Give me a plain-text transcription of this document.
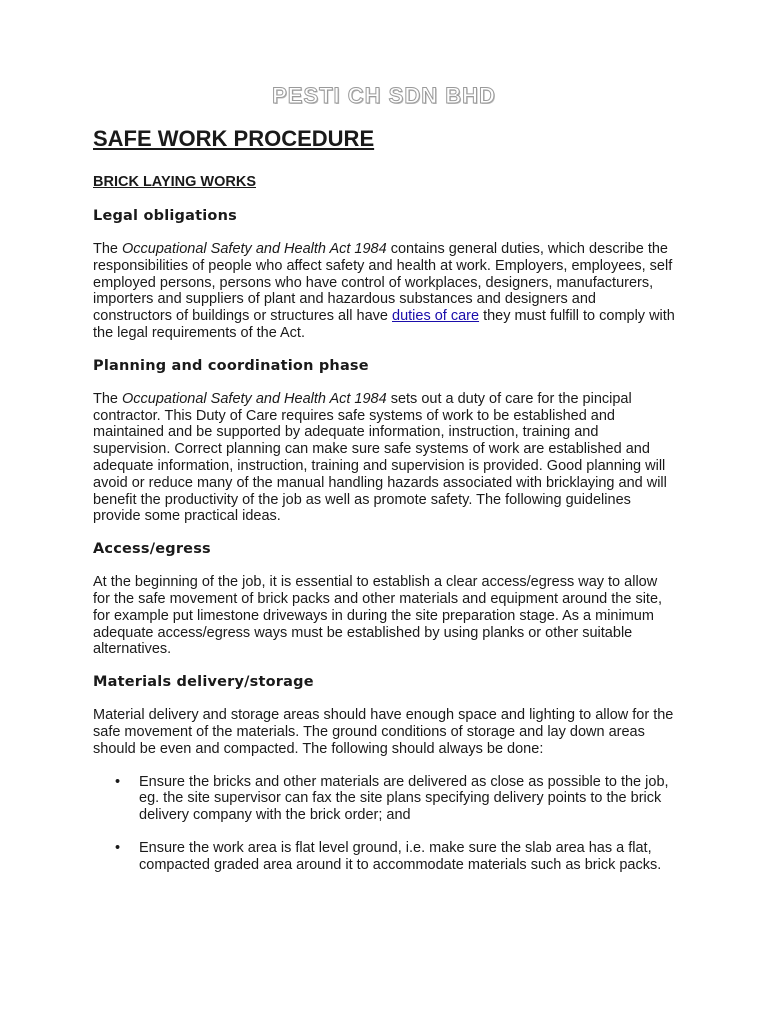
PESTI CH SDN BHD
SAFE WORK PROCEDURE

BRICK LAYING WORKS

Legal obligations

The Occupational Safety and Health Act 1984 contains general duties, which describe the responsibilities of people who affect safety and health at work. Employers, employees, self employed persons, persons who have control of workplaces, designers, manufacturers, importers and suppliers of plant and hazardous substances and designers and constructors of buildings or structures all have duties of care they must fulfill to comply with the legal requirements of the Act.

Planning and coordination phase

The Occupational Safety and Health Act 1984 sets out a duty of care for the pincipal contractor. This Duty of Care requires safe systems of work to be established and maintained and be supported by adequate information, instruction, training and supervision. Correct planning can make sure safe systems of work are established and adequate information, instruction, training and supervision is provided. Good planning will avoid or reduce many of the manual handling hazards associated with bricklaying and will benefit the productivity of the job as well as promote safety. The following guidelines provide some practical ideas.

Access/egress

At the beginning of the job, it is essential to establish a clear access/egress way to allow for the safe movement of brick packs and other materials and equipment around the site, for example put limestone driveways in during the site preparation stage. As a minimum adequate access/egress ways must be established by using planks or other suitable alternatives.

Materials delivery/storage

Material delivery and storage areas should have enough space and lighting to allow for the safe movement of the materials. The ground conditions of storage and lay down areas should be even and compacted. The following should always be done:

• Ensure the bricks and other materials are delivered as close as possible to the job, eg. the site supervisor can fax the site plans specifying delivery points to the brick delivery company with the brick order; and
• Ensure the work area is flat level ground, i.e. make sure the slab area has a flat, compacted graded area around it to accommodate materials such as brick packs.
